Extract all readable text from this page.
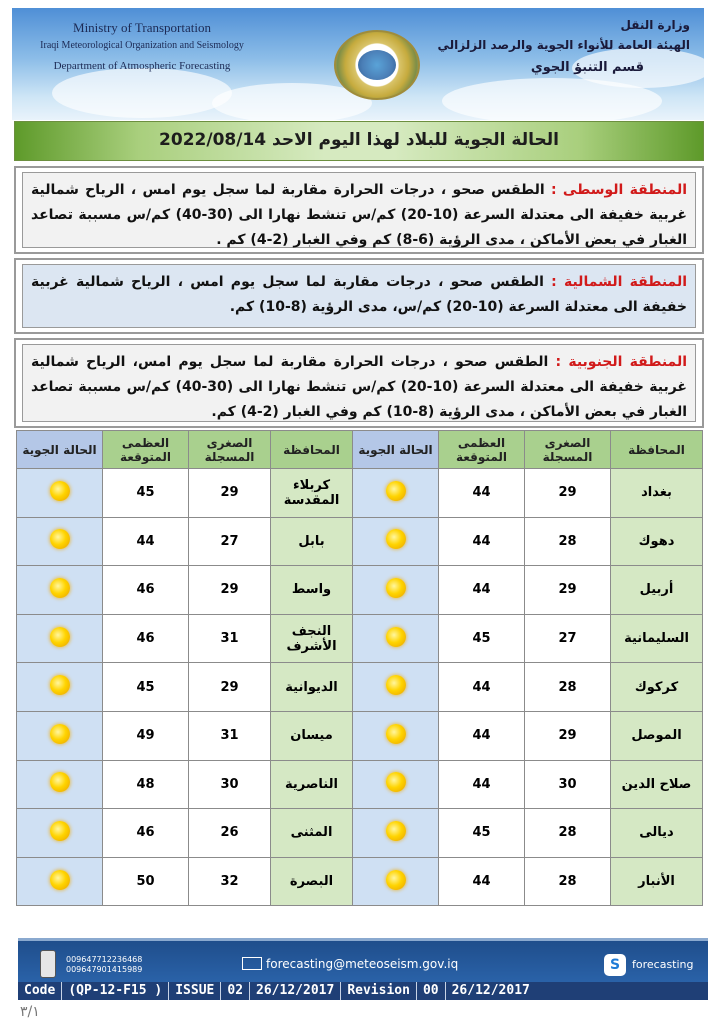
Ministry of Transportation
Iraqi Meteorological Organization and Seismology
Department of Atmospheric Forecasting
وزارة النقل
الهيئة العامة للأنواء الجوية والرصد الزلزالي
قسم التنبؤ الجوي
الحالة الجوية للبلاد لهذا اليوم الاحد 2022/08/14

المنطقة الوسطى : الطقس صحو ، درجات الحرارة مقاربة لما سجل يوم امس ، الرياح شمالية غربية خفيفة الى معتدلة السرعة (10-20) كم/س تنشط نهارا الى (30-40) كم/س مسببة تصاعد الغبار في بعض الأماكن ، مدى الرؤية (6-8) كم وفي الغبار (2-4) كم .

المنطقة الشمالية : الطقس صحو ، درجات مقاربة لما سجل يوم امس ، الرياح شمالية غربية خفيفة الى معتدلة السرعة (10-20) كم/س، مدى الرؤية (8-10) كم.

المنطقة الجنوبية : الطقس صحو ، درجات الحرارة مقاربة لما سجل يوم امس، الرياح شمالية غربية خفيفة الى معتدلة السرعة (10-20) كم/س تنشط نهارا الى (30-40) كم/س مسببة تصاعد الغبار في بعض الأماكن ، مدى الرؤية (8-10) كم وفي الغبار (2-4) كم.

المحافظة	الصغرى المسجلة	العظمى المتوقعة	الحالة الجوية	المحافظة	الصغرى المسجلة	العظمى المتوقعة	الحالة الجوية
بغداد	29	44		كربلاء المقدسة	29	45	
دهوك	28	44		بابل	27	44	
أربيل	29	44		واسط	29	46	
السليمانية	27	45		النجف الأشرف	31	46	
كركوك	28	44		الديوانية	29	45	
الموصل	29	44		ميسان	31	49	
صلاح الدين	30	44		الناصرية	30	48	
ديالى	28	45		المثنى	26	46	
الأنبار	28	44		البصرة	32	50	
009647712236468
009647901415989	forecasting@meteoseism.gov.iq	S	forecasting
Code	(QP-12-F15 )	ISSUE	02	26/12/2017	Revision	00	26/12/2017
٣/١
